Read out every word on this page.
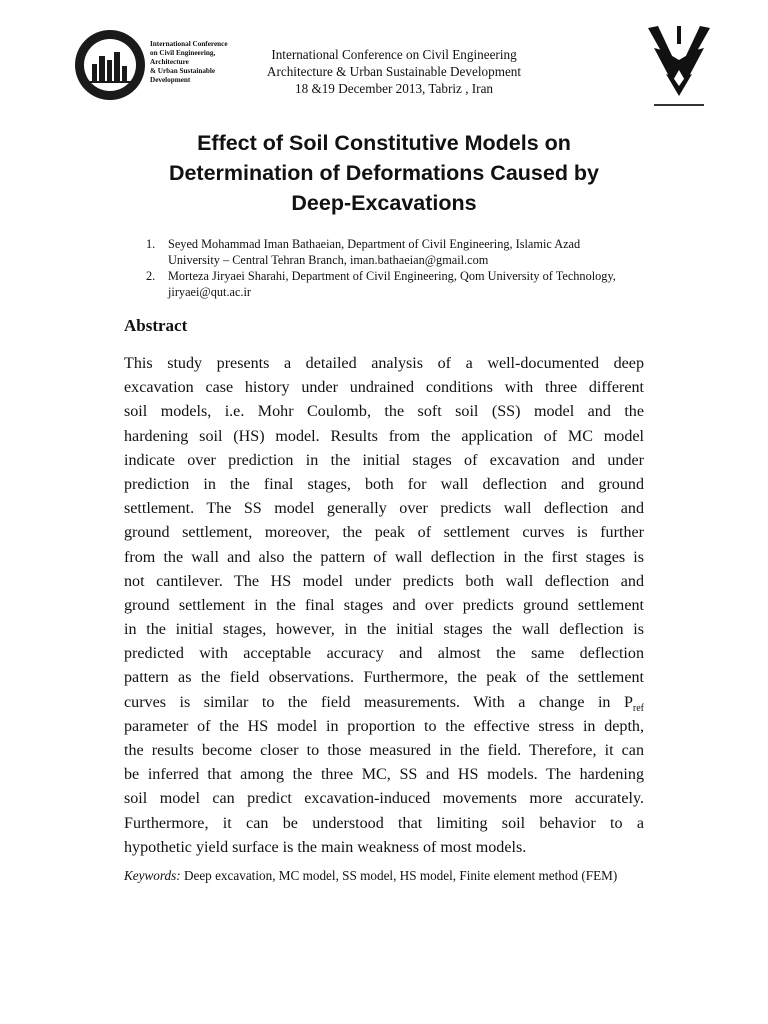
International Conference
on Civil Engineering,
Architecture
& Urban Sustainable
Development
International Conference on Civil Engineering
Architecture & Urban Sustainable Development
18 &19 December 2013, Tabriz , Iran
Effect of Soil Constitutive Models on
Determination of Deformations Caused by
Deep-Excavations
1. Seyed Mohammad Iman Bathaeian, Department of Civil Engineering, Islamic Azad
University – Central Tehran Branch, iman.bathaeian@gmail.com
2. Morteza Jiryaei Sharahi, Department of Civil Engineering, Qom University of Technology,
jiryaei@qut.ac.ir
Abstract
This study presents a detailed analysis of a well-documented deep
excavation case history under undrained conditions with three different
soil models, i.e. Mohr Coulomb, the soft soil (SS) model and the
hardening soil (HS) model. Results from the application of MC model
indicate over prediction in the initial stages of excavation and under
prediction in the final stages, both for wall deflection and ground
settlement. The SS model generally over predicts wall deflection and
ground settlement, moreover, the peak of settlement curves is further
from the wall and also the pattern of wall deflection in the first stages is
not cantilever. The HS model under predicts both wall deflection and
ground settlement in the final stages and over predicts ground settlement
in the initial stages, however, in the initial stages the wall deflection is
predicted with acceptable accuracy and almost the same deflection
pattern as the field observations. Furthermore, the peak of the settlement
curves is similar to the field measurements. With a change in $P_{ref}$
parameter of the HS model in proportion to the effective stress in depth,
the results become closer to those measured in the field. Therefore, it can
be inferred that among the three MC, SS and HS models. The hardening
soil model can predict excavation-induced movements more accurately.
Furthermore, it can be understood that limiting soil behavior to a
hypothetic yield surface is the main weakness of most models.
Keywords: Deep excavation, MC model, SS model, HS model, Finite element method (FEM)
